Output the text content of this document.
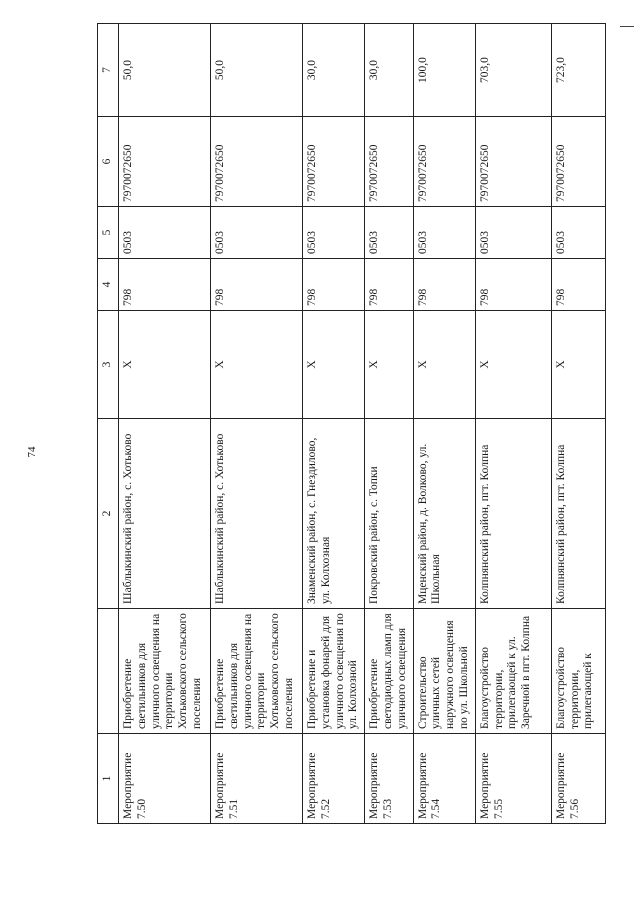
74
1		2	3	4	5	6	7
Мероприятие 7.50	Приобретение светильников для уличного освещения на территории Хотьковского сельского поселения	Шаблыкинский район, с. Хотьково	Х	798	0503	7970072650	50,0
Мероприятие 7.51	Приобретение светильников для уличного освещения на территории Хотьковского сельского поселения	Шаблыкинский район, с. Хотьково	Х	798	0503	7970072650	50,0
Мероприятие 7.52	Приобретение и установка фонарей для уличного освещения по ул. Колхозной	Знаменский район, с. Гнездилово, ул. Колхозная	Х	798	0503	7970072650	30,0
Мероприятие 7.53	Приобретение светодиодных ламп для уличного освещения	Покровский район, с. Топки	Х	798	0503	7970072650	30,0
Мероприятие 7.54	Строительство уличных сетей наружного освещения по ул. Школьной	Мценский район, д. Волково, ул. Школьная	Х	798	0503	7970072650	100,0
Мероприятие 7.55	Благоустройство территории, прилегающей к ул. Заречной в пгт. Колпна	Колпнянский район, пгт. Колпна	Х	798	0503	7970072650	703,0
Мероприятие 7.56	Благоустройство территории, прилегающей к	Колпнянский район, пгт. Колпна	Х	798	0503	7970072650	723,0
